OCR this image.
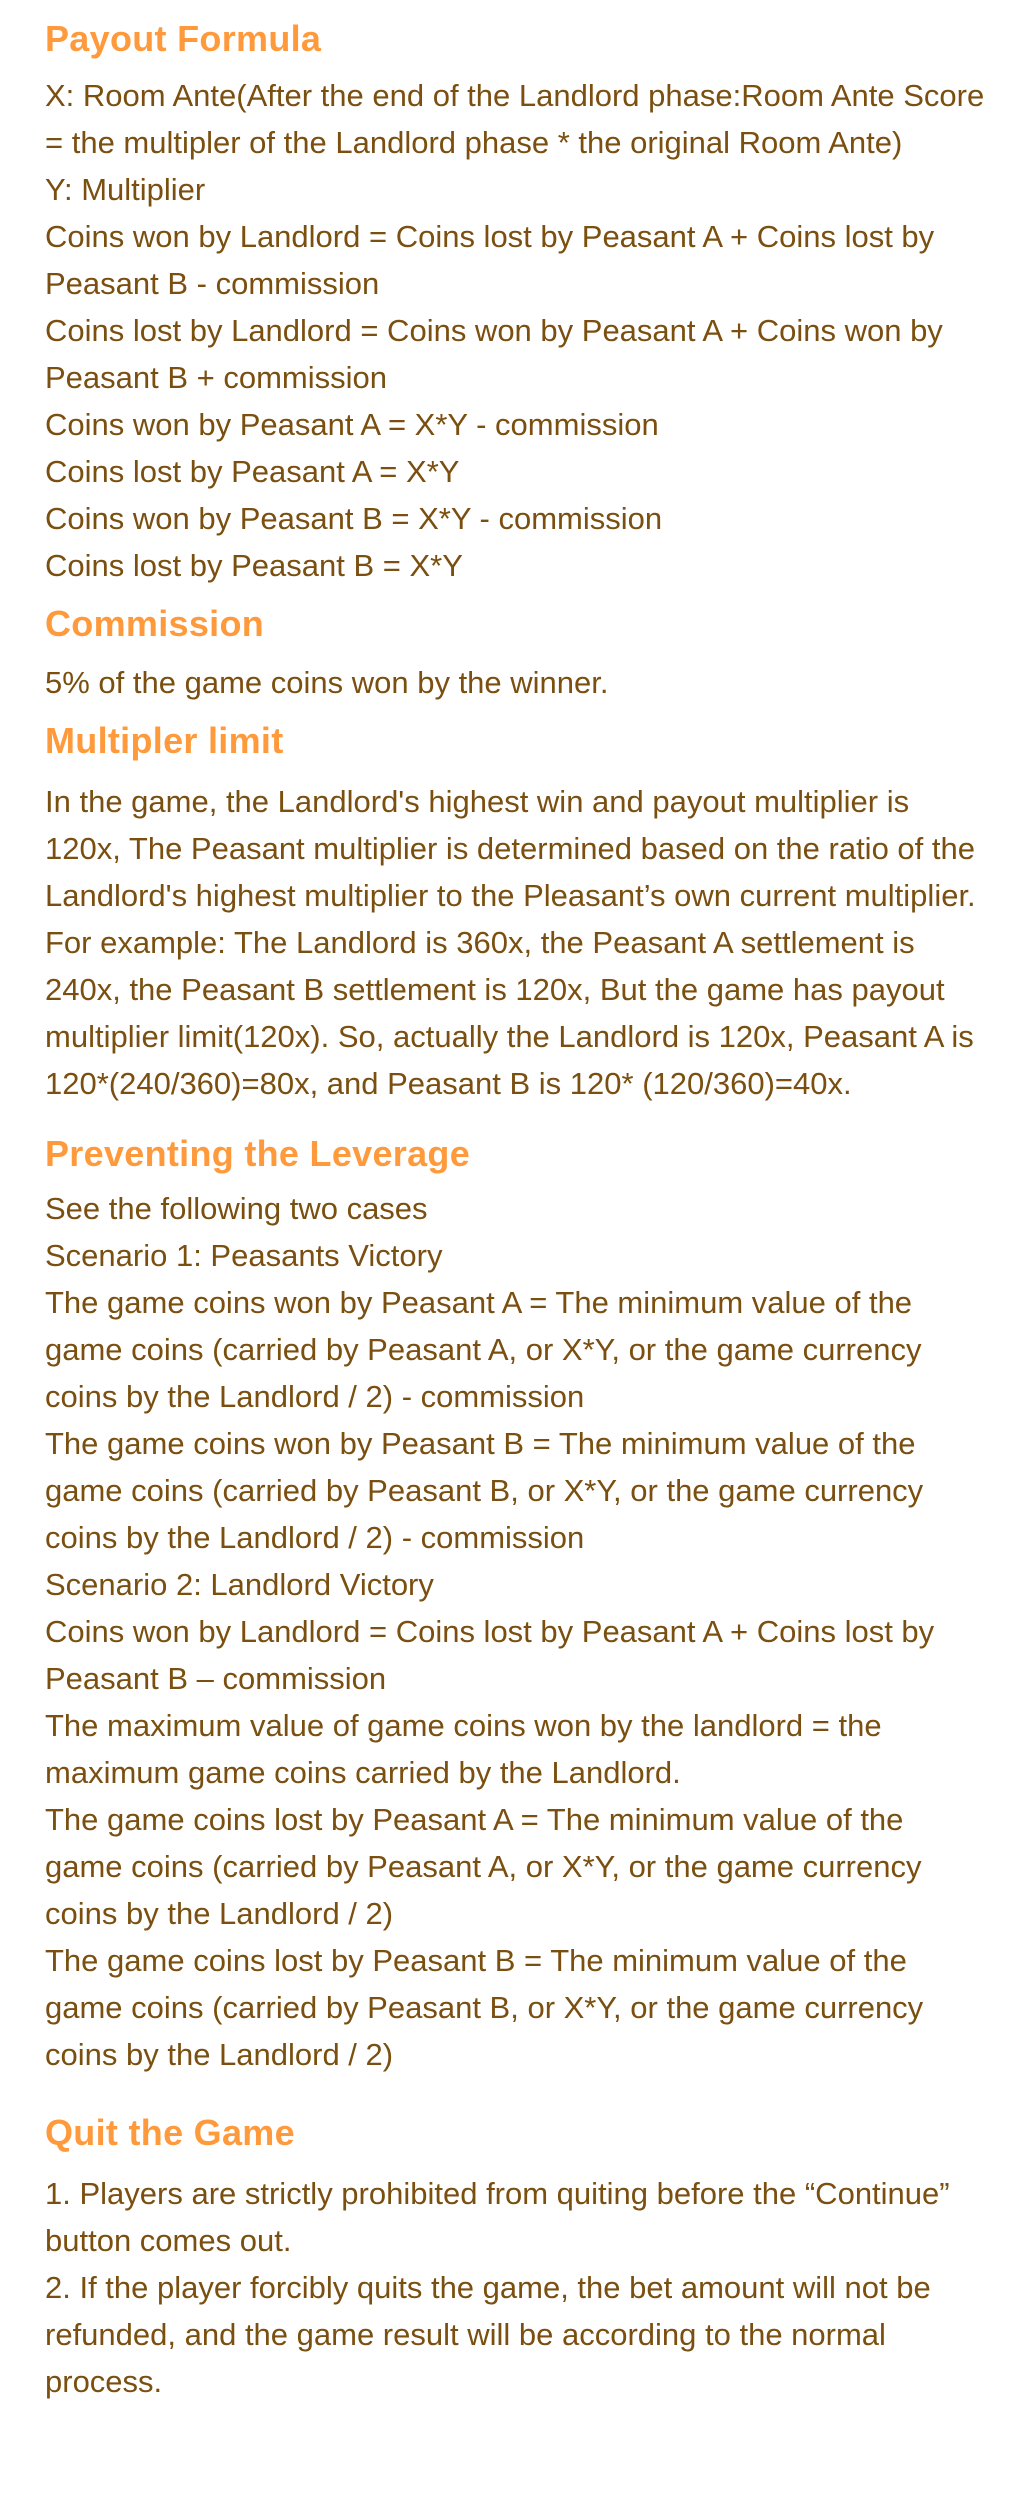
Payout Formula

X: Room Ante(After the end of the Landlord phase:Room Ante Score = the multipler of the Landlord phase * the original Room Ante)

Y: Multiplier

Coins won by Landlord = Coins lost by Peasant A + Coins lost by Peasant B - commission

Coins lost by Landlord = Coins won by Peasant A + Coins won by Peasant B + commission

Coins won by Peasant A = X*Y - commission

Coins lost by Peasant A = X*Y

Coins won by Peasant B = X*Y - commission

Coins lost by Peasant B = X*Y

Commission

5% of the game coins won by the winner.

Multipler limit

In the game, the Landlord's highest win and payout multiplier is 120x, The Peasant multiplier is determined based on the ratio of the Landlord's highest multiplier to the Pleasant’s own current multiplier. For example: The Landlord is 360x, the Peasant A settlement is 240x, the Peasant B settlement is 120x, But the game has payout multiplier limit(120x). So, actually the Landlord is 120x, Peasant A is 120*(240/360)=80x, and Peasant B is 120* (120/360)=40x.

Preventing the Leverage

See the following two cases

Scenario 1: Peasants Victory

The game coins won by Peasant A = The minimum value of the game coins (carried by Peasant A, or X*Y, or the game currency coins by the Landlord / 2) - commission

The game coins won by Peasant B = The minimum value of the game coins (carried by Peasant B, or X*Y, or the game currency coins by the Landlord / 2) - commission

Scenario 2: Landlord Victory

Coins won by Landlord = Coins lost by Peasant A + Coins lost by Peasant B – commission

The maximum value of game coins won by the landlord = the maximum game coins carried by the Landlord.

The game coins lost by Peasant A = The minimum value of the game coins (carried by Peasant A, or X*Y, or the game currency coins by the Landlord / 2)

The game coins lost by Peasant B = The minimum value of the game coins (carried by Peasant B, or X*Y, or the game currency coins by the Landlord / 2)

Quit the Game

1. Players are strictly prohibited from quiting before the “Continue” button comes out.

2. If the player forcibly quits the game, the bet amount will not be refunded, and the game result will be according to the normal process.
